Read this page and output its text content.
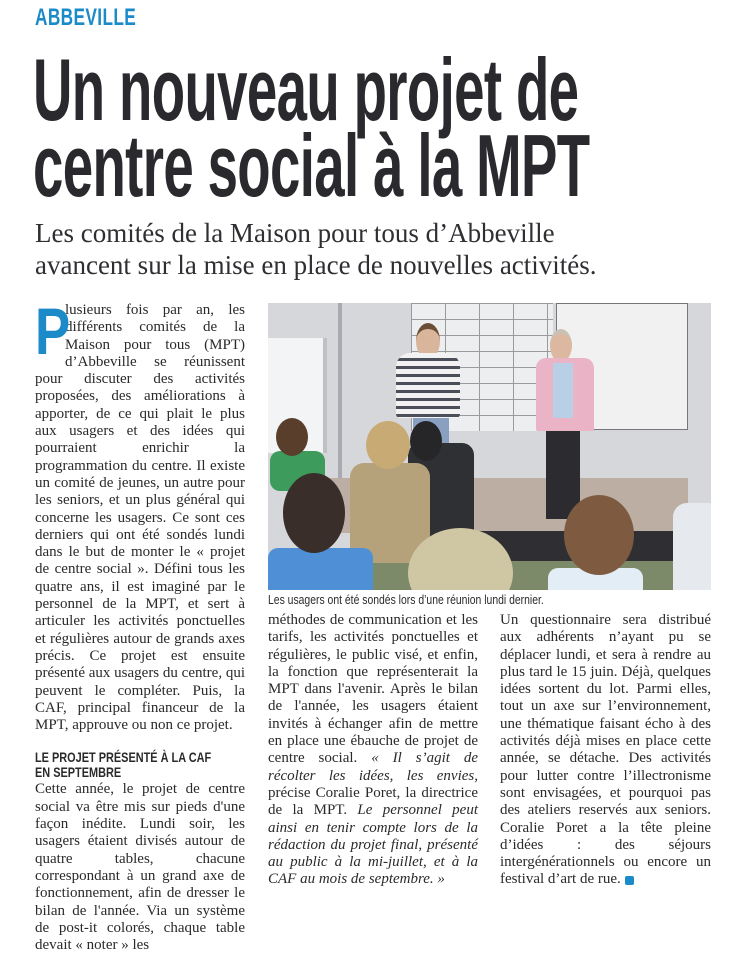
ABBEVILLE
Un nouveau projet de
centre social à la MPT
Les comités de la Maison pour tous d’Abbeville
avancent sur la mise en place de nouvelles activités.
P

lusieurs fois par an, les différents comités de la Maison pour tous (MPT) d’Abbeville se réunissent pour discuter des activités proposées, des améliorations à apporter, de ce qui plait le plus aux usagers et des idées qui pourraient enrichir la programmation du centre. Il existe un comité de jeunes, un autre pour les seniors, et un plus général qui concerne les usagers. Ce sont ces derniers qui ont été sondés lundi dans le but de monter le « projet de centre social ». Défini tous les quatre ans, il est imaginé par le personnel de la MPT, et sert à articuler les activités ponctuelles et régulières autour de grands axes précis. Ce projet est ensuite présenté aux usagers du centre, qui peuvent le compléter. Puis, la CAF, principal financeur de la MPT, approuve ou non ce projet.

LE PROJET PRÉSENTÉ À LA CAF
EN SEPTEMBRE

Cette année, le projet de centre social va être mis sur pieds d'une façon inédite. Lundi soir, les usagers étaient divisés autour de quatre tables, chacune correspondant à un grand axe de fonctionnement, afin de dresser le bilan de l'année. Via un système de post-it colorés, chaque table devait « noter » les

Les usagers ont été sondés lors d’une réunion lundi dernier.

méthodes de communication et les tarifs, les activités ponctuelles et régulières, le public visé, et enfin, la fonction que représenterait la MPT dans l'avenir. Après le bilan de l'année, les usagers étaient invités à échanger afin de mettre en place une ébauche de projet de centre social. « Il s’agit de récolter les idées, les envies, précise Coralie Poret, la directrice de la MPT. Le personnel peut ainsi en tenir compte lors de la rédaction du projet final, présenté au public à la mi-juillet, et à la CAF au mois de septembre. »

Un questionnaire sera distribué aux adhérents n’ayant pu se déplacer lundi, et sera à rendre au plus tard le 15 juin. Déjà, quelques idées sortent du lot. Parmi elles, tout un axe sur l’environnement, une thématique faisant écho à des activités déjà mises en place cette année, se détache. Des activités pour lutter contre l’illectronisme sont envisagées, et pourquoi pas des ateliers reservés aux seniors. Coralie Poret a la tête pleine d’idées : des séjours intergénérationnels ou encore un festival d’art de rue.
